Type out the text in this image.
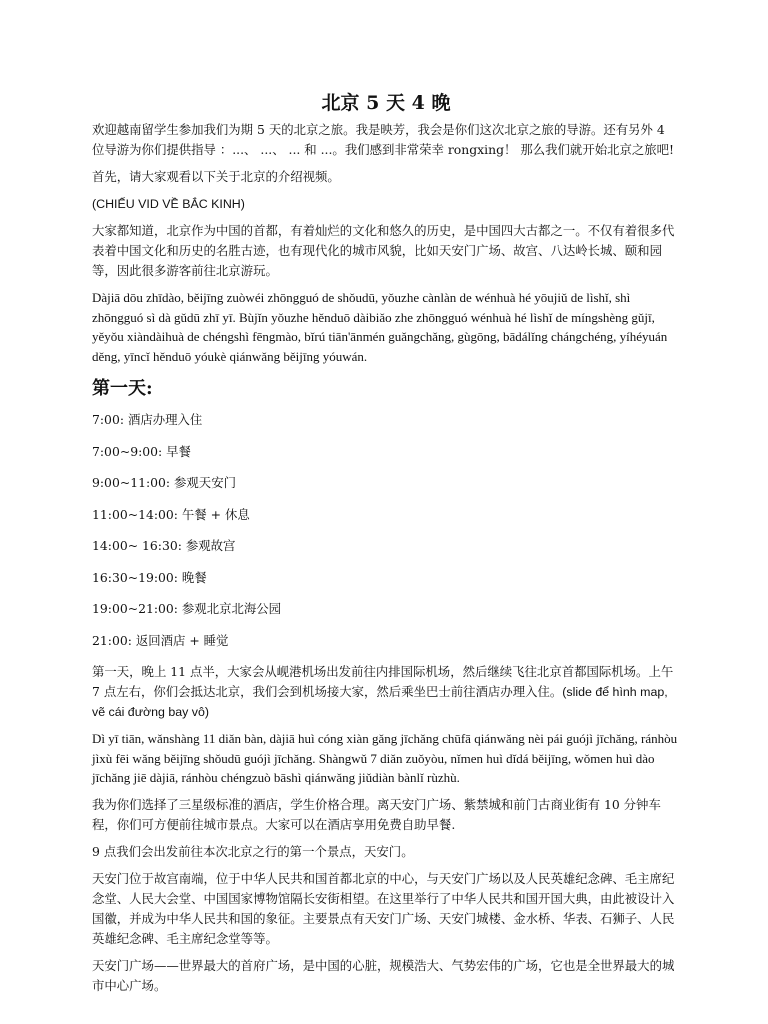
北京 5 天 4 晚

欢迎越南留学生参加我们为期 5 天的北京之旅。我是映芳，我会是你们这次北京之旅的导游。还有另外 4 位导游为你们提供指导 ：...、 ...、 ... 和 ...。我们感到非常荣幸 rongxing！ 那么我们就开始北京之旅吧!

首先，请大家观看以下关于北京的介绍视频。

(CHIẾU VID VỀ BẮC KINH)

大家都知道，北京作为中国的首都，有着灿烂的文化和悠久的历史，是中国四大古都之一。不仅有着很多代表着中国文化和历史的名胜古迹，也有现代化的城市风貌，比如天安门广场、故宫、八达岭长城、颐和园等，因此很多游客前往北京游玩。

Dàjiā dōu zhīdào, běijīng zuòwéi zhōngguó de shǒudū, yǒuzhe cànlàn de wénhuà hé yōujiǔ de lìshǐ, shì zhōngguó sì dà gǔdū zhī yī. Bùjǐn yǒuzhe hěnduō dàibiǎo zhe zhōngguó wénhuà hé lìshǐ de míngshèng gǔjī, yěyǒu xiàndàihuà de chéngshì fēngmào, bǐrú tiān'ānmén guǎngchǎng, gùgōng, bādálǐng chángchéng, yíhéyuán děng, yīncǐ hěnduō yóukè qiánwǎng běijīng yóuwán.

第一天:

7:00: 酒店办理入住

7:00~9:00: 早餐

9:00~11:00: 参观天安门

11:00~14:00: 午餐 + 休息

14:00~ 16:30: 参观故宫

16:30~19:00: 晚餐

19:00~21:00: 参观北京北海公园

21:00: 返回酒店 + 睡觉

第一天，晚上 11 点半，大家会从岘港机场出发前往内排国际机场，然后继续飞往北京首都国际机场。上午 7 点左右，你们会抵达北京，我们会到机场接大家，然后乘坐巴士前往酒店办理入住。(slide để hình map, vẽ cái đường bay vô)

Dì yī tiān, wǎnshàng 11 diǎn bàn, dàjiā huì cóng xiàn gǎng jīchǎng chūfā qiánwǎng nèi pái guójì jīchǎng, ránhòu jìxù fēi wǎng běijīng shǒudū guójì jīchǎng. Shàngwǔ 7 diǎn zuǒyòu, nǐmen huì dǐdá běijīng, wǒmen huì dào jīchǎng jiē dàjiā, ránhòu chéngzuò bāshì qiánwǎng jiǔdiàn bànlǐ rùzhù.

我为你们选择了三星级标准的酒店，学生价格合理。离天安门广场、紫禁城和前门古商业街有 10 分钟车程，你们可方便前往城市景点。大家可以在酒店享用免费自助早餐.

9 点我们会出发前往本次北京之行的第一个景点，天安门。

天安门位于故宫南端，位于中华人民共和国首都北京的中心，与天安门广场以及人民英雄纪念碑、毛主席纪念堂、人民大会堂、中国国家博物馆隔长安街相望。在这里举行了中华人民共和国开国大典，由此被设计入国徽，并成为中华人民共和国的象征。主要景点有天安门广场、天安门城楼、金水桥、华表、石狮子、人民英雄纪念碑、毛主席纪念堂等等。

天安门广场——世界最大的首府广场，是中国的心脏，规模浩大、气势宏伟的广场，它也是全世界最大的城市中心广场。
